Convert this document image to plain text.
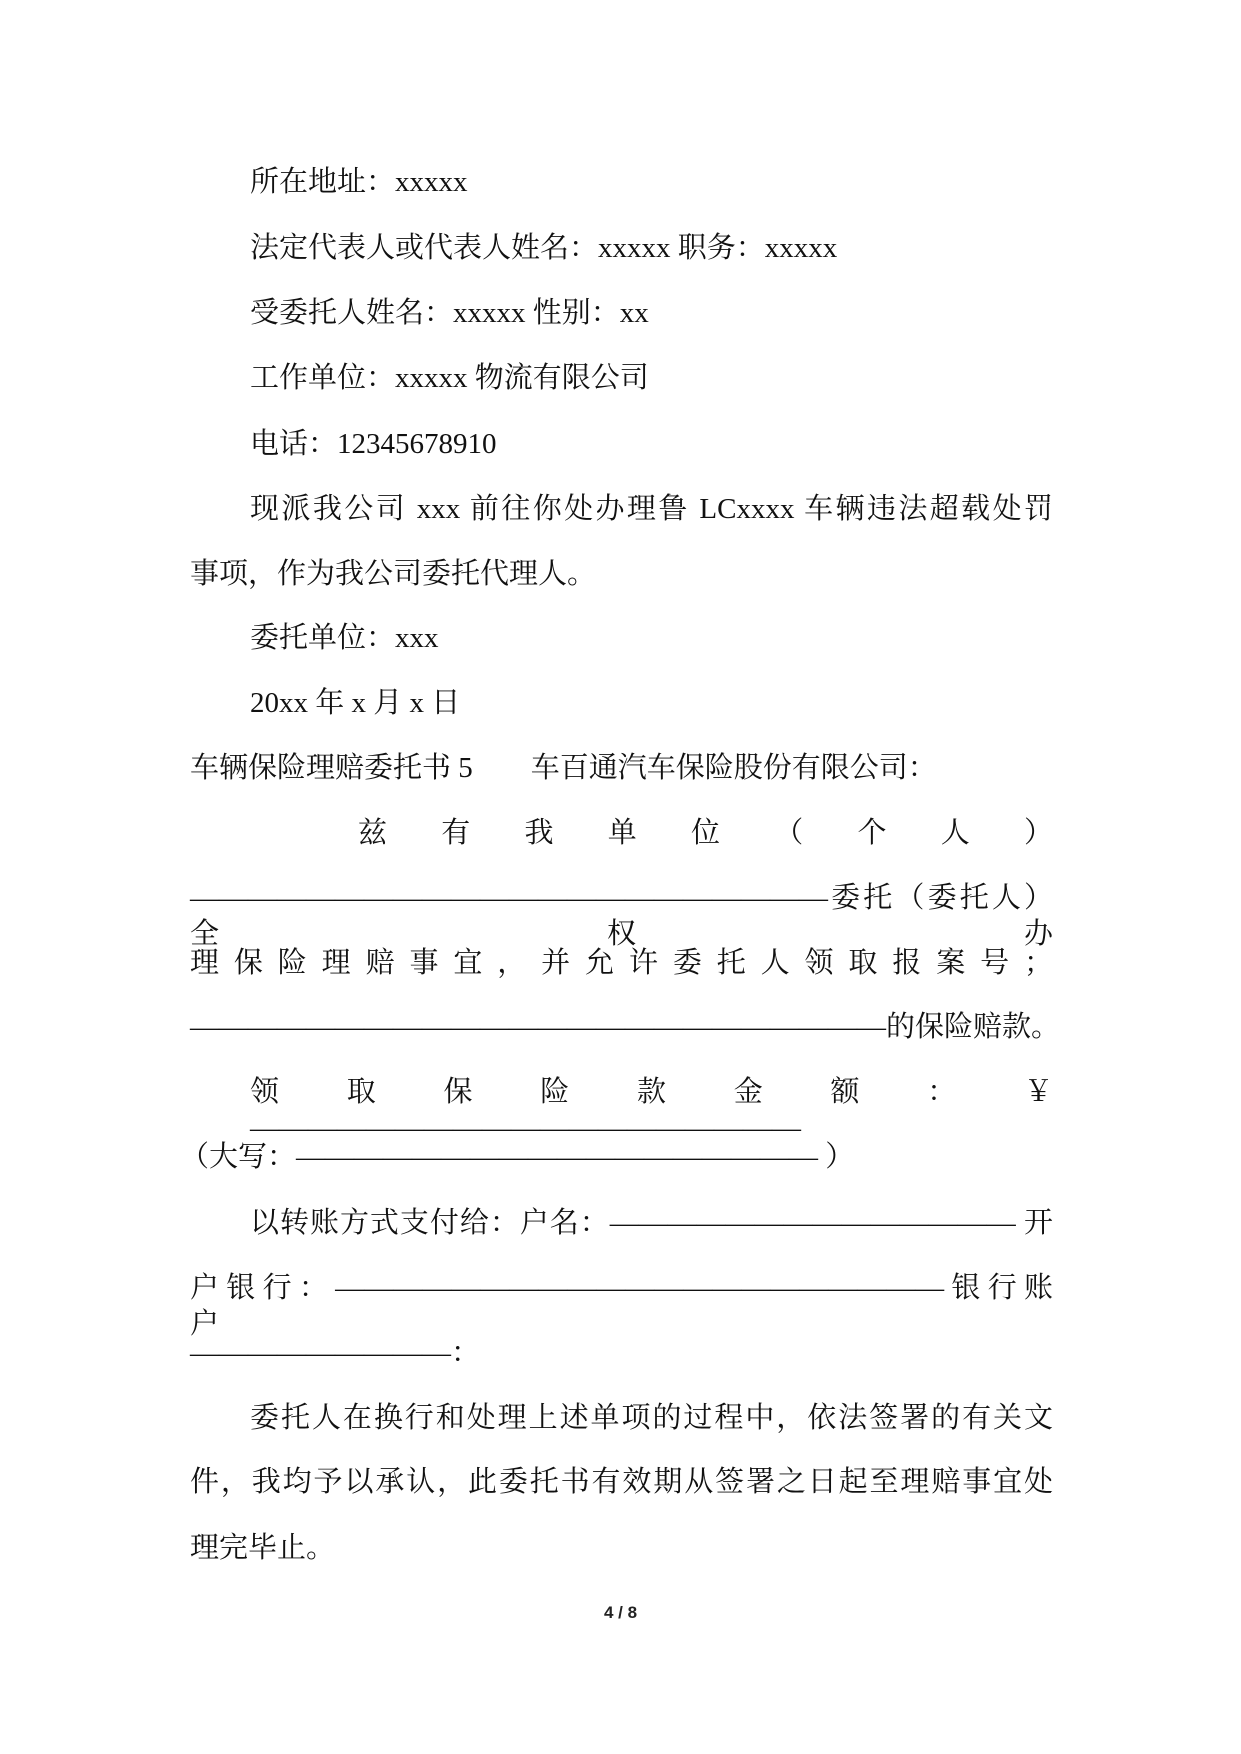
所在地址：xxxxx
法定代表人或代表人姓名：xxxxx 职务：xxxxx
受委托人姓名：xxxxx 性别：xx
工作单位：xxxxx 物流有限公司
电话：12345678910
现派我公司 xxx 前往你处办理鲁 LCxxxx 车辆违法超载处罚
事项，作为我公司委托代理人。
委托单位：xxx
20xx 年 x 月 x 日
车辆保险理赔委托书 5　　车百通汽车保险股份有限公司：
兹 有 我 单 位 （ 个 人 ）
——————————————————————委托（委托人）全权办
理 保 险 理 赔 事 宜 ， 并 允 许 委 托 人 领 取 报 案 号 ；
————————————————————————的保险赔款。
领取保险款金额：￥ ———————————————————
（大写：—————————————————— ）
以转账方式支付给：户名：—————————————— 开
户 银 行 ： ————————————————————— 银 行 账 户
—————————：
委托人在换行和处理上述单项的过程中，依法签署的有关文
件，我均予以承认，此委托书有效期从签署之日起至理赔事宜处
理完毕止。
4 / 8
